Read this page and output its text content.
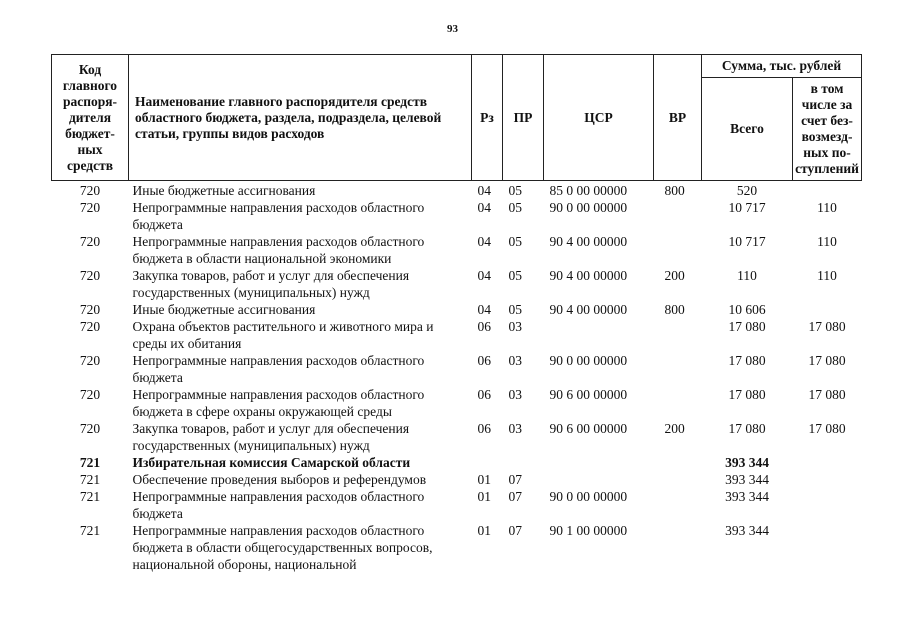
93
Код главного распоря-дителя бюджет-ных средств	Наименование главного распорядителя средств областного бюджета, раздела, подраздела, целевой статьи, группы видов расходов	Рз	ПР	ЦСР	ВР	Сумма, тыс. рублей	
						Всего	в том числе за счет без-возмезд-ных по-ступлений
720	Иные бюджетные ассигнования	04	05	85 0 00 00000	800	520	
720	Непрограммные направления расходов областного бюджета	04	05	90 0 00 00000		10 717	110
720	Непрограммные направления расходов областного бюджета в области национальной экономики	04	05	90 4 00 00000		10 717	110
720	Закупка товаров, работ и услуг для обеспечения государственных (муниципальных) нужд	04	05	90 4 00 00000	200	110	110
720	Иные бюджетные ассигнования	04	05	90 4 00 00000	800	10 606	
720	Охрана объектов растительного и животного мира и среды их обитания	06	03			17 080	17 080
720	Непрограммные направления расходов областного бюджета	06	03	90 0 00 00000		17 080	17 080
720	Непрограммные направления расходов областного бюджета в сфере охраны окружающей среды	06	03	90 6 00 00000		17 080	17 080
720	Закупка товаров, работ и услуг для обеспечения государственных (муниципальных) нужд	06	03	90 6 00 00000	200	17 080	17 080
721	Избирательная комиссия Самарской области					393 344	
721	Обеспечение проведения выборов и референдумов	01	07			393 344	
721	Непрограммные направления расходов областного бюджета	01	07	90 0 00 00000		393 344	
721	Непрограммные направления расходов областного бюджета в области общегосударственных вопросов, национальной обороны, национальной	01	07	90 1 00 00000		393 344	
